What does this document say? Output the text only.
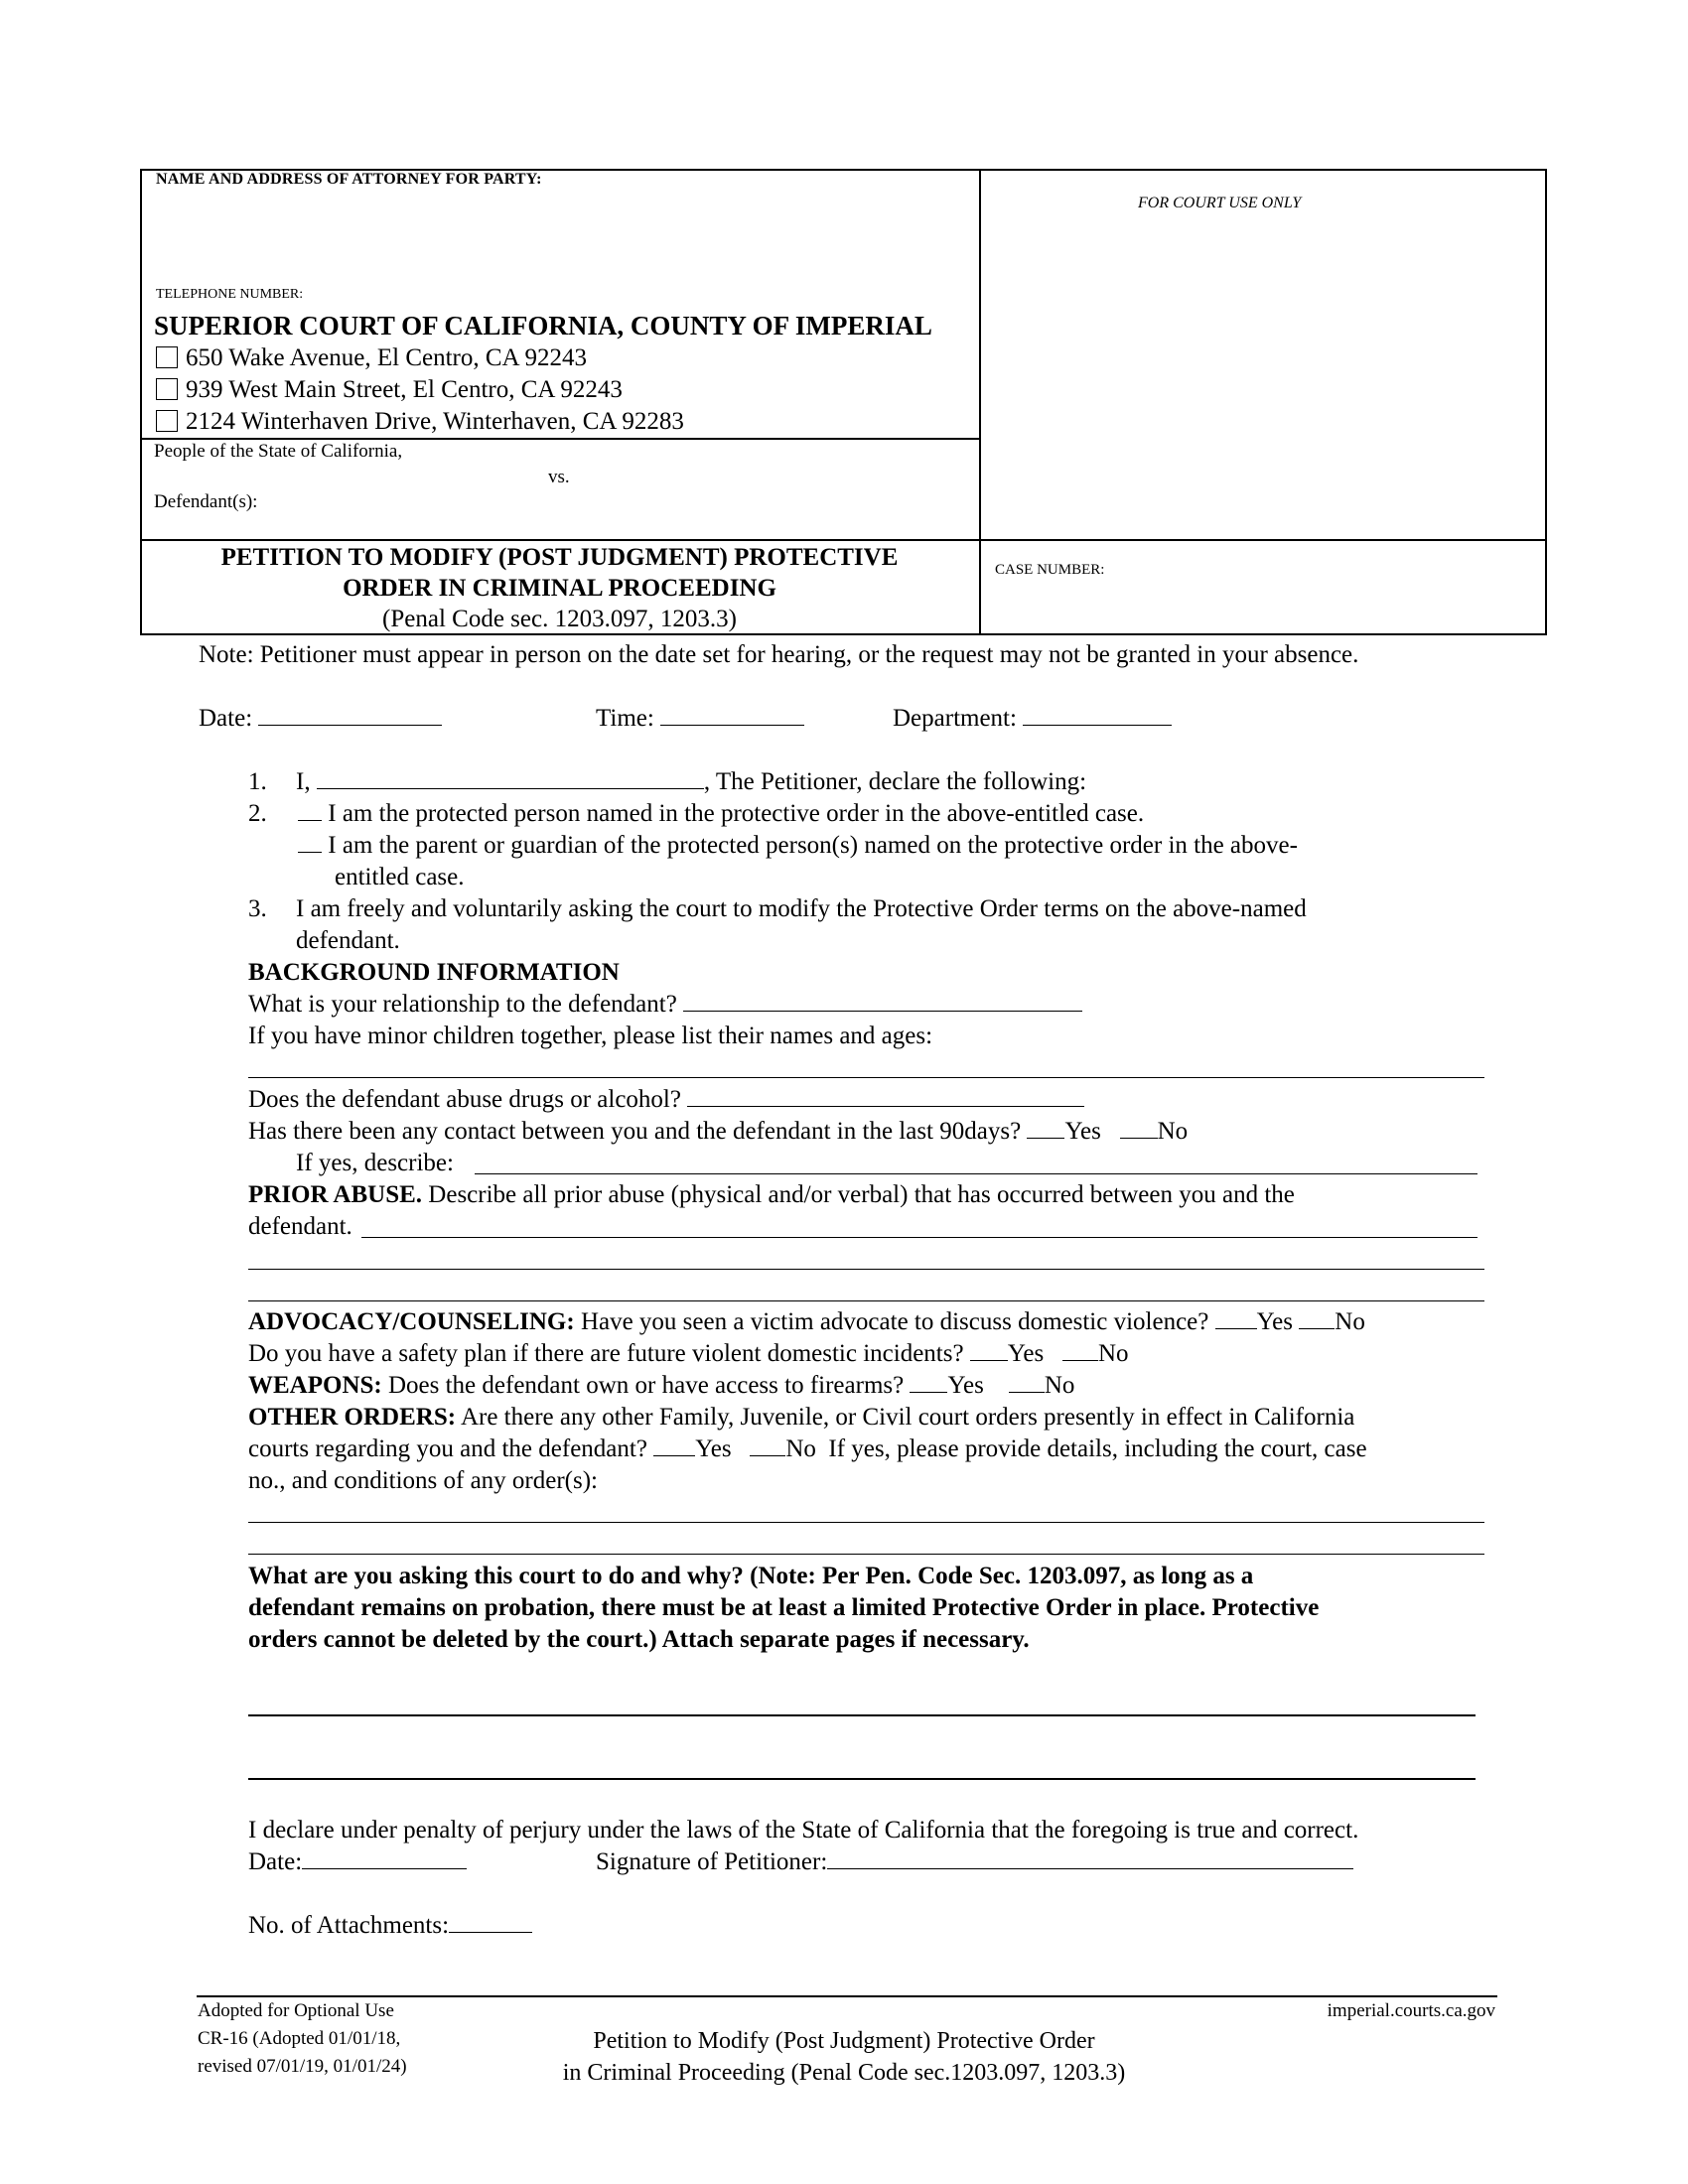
NAME AND ADDRESS OF ATTORNEY FOR PARTY:
FOR COURT USE ONLY
TELEPHONE NUMBER:
SUPERIOR COURT OF CALIFORNIA, COUNTY OF IMPERIAL
650 Wake Avenue, El Centro, CA 92243
939 West Main Street, El Centro, CA 92243
2124 Winterhaven Drive, Winterhaven, CA 92283
People of the State of California,
vs.
Defendant(s):
PETITION TO MODIFY (POST JUDGMENT) PROTECTIVE
ORDER IN CRIMINAL PROCEEDING
(Penal Code sec. 1203.097, 1203.3)
CASE NUMBER:
Note: Petitioner must appear in person on the date set for hearing, or the request may not be granted in your absence.
Date:	Time:	Department:
1. I,	, The Petitioner, declare the following:
2.	I am the protected person named in the protective order in the above-entitled case.
I am the parent or guardian of the protected person(s) named on the protective order in the above-
entitled case.
3. I am freely and voluntarily asking the court to modify the Protective Order terms on the above-named
defendant.
BACKGROUND INFORMATION
What is your relationship to the defendant?
If you have minor children together, please list their names and ages:
Does the defendant abuse drugs or alcohol?
Has there been any contact between you and the defendant in the last 90days? Yes No
If yes, describe:
PRIOR ABUSE. Describe all prior abuse (physical and/or verbal) that has occurred between you and the
defendant.
ADVOCACY/COUNSELING: Have you seen a victim advocate to discuss domestic violence? Yes No
Do you have a safety plan if there are future violent domestic incidents? Yes No
WEAPONS: Does the defendant own or have access to firearms? Yes No
OTHER ORDERS: Are there any other Family, Juvenile, or Civil court orders presently in effect in California
courts regarding you and the defendant? Yes No If yes, please provide details, including the court, case
no., and conditions of any order(s):
What are you asking this court to do and why? (Note: Per Pen. Code Sec. 1203.097, as long as a
defendant remains on probation, there must be at least a limited Protective Order in place. Protective
orders cannot be deleted by the court.) Attach separate pages if necessary.
I declare under penalty of perjury under the laws of the State of California that the foregoing is true and correct.
Date:	Signature of Petitioner:
No. of Attachments:
Adopted for Optional Use
CR-16 (Adopted 01/01/18,
revised 07/01/19, 01/01/24)
Petition to Modify (Post Judgment) Protective Order
in Criminal Proceeding (Penal Code sec.1203.097, 1203.3)
imperial.courts.ca.gov
